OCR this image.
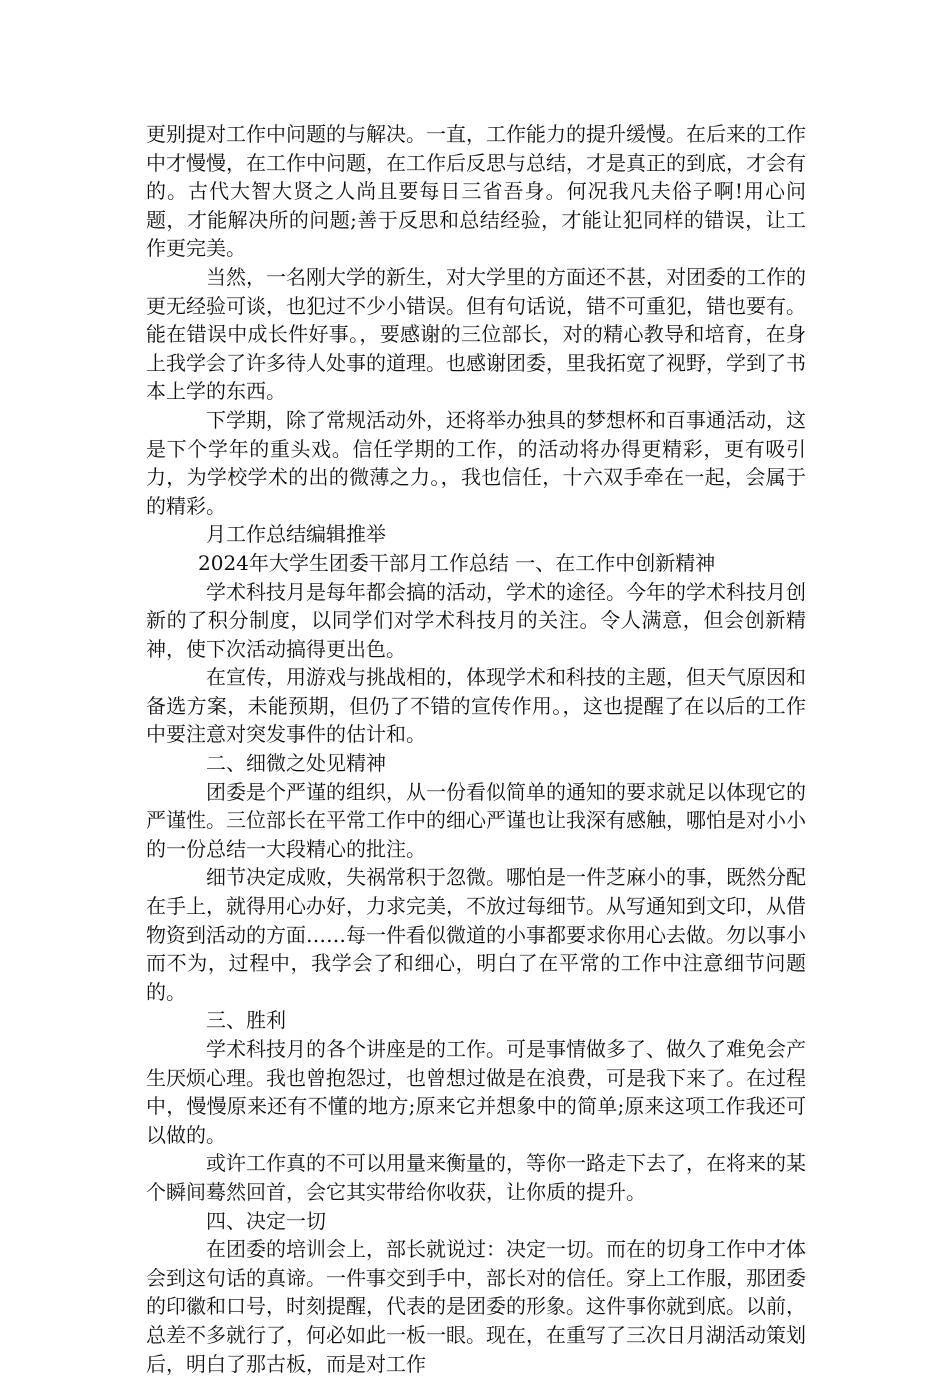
更别提对工作中问题的与解决。一直，工作能力的提升缓慢。在后来的工作中才慢慢，在工作中问题，在工作后反思与总结，才是真正的到底，才会有的。古代大智大贤之人尚且要每日三省吾身。何况我凡夫俗子啊!用心问题，才能解决所的问题;善于反思和总结经验，才能让犯同样的错误，让工作更完美。

当然，一名刚大学的新生，对大学里的方面还不甚，对团委的工作的更无经验可谈，也犯过不少小错误。但有句话说，错不可重犯，错也要有。能在错误中成长件好事。，要感谢的三位部长，对的精心教导和培育，在身上我学会了许多待人处事的道理。也感谢团委，里我拓宽了视野，学到了书本上学的东西。

下学期，除了常规活动外，还将举办独具的梦想杯和百事通活动，这是下个学年的重头戏。信任学期的工作，的活动将办得更精彩，更有吸引力，为学校学术的出的微薄之力。，我也信任，十六双手牵在一起，会属于的精彩。

月工作总结编辑推举

2024年大学生团委干部月工作总结 一、在工作中创新精神

学术科技月是每年都会搞的活动，学术的途径。今年的学术科技月创新的了积分制度，以同学们对学术科技月的关注。令人满意，但会创新精神，使下次活动搞得更出色。

在宣传，用游戏与挑战相的，体现学术和科技的主题，但天气原因和备选方案，未能预期，但仍了不错的宣传作用。，这也提醒了在以后的工作中要注意对突发事件的估计和。

二、细微之处见精神

团委是个严谨的组织，从一份看似简单的通知的要求就足以体现它的严谨性。三位部长在平常工作中的细心严谨也让我深有感触，哪怕是对小小的一份总结一大段精心的批注。

细节决定成败，失祸常积于忽微。哪怕是一件芝麻小的事，既然分配在手上，就得用心办好，力求完美，不放过每细节。从写通知到文印，从借物资到活动的方面……每一件看似微道的小事都要求你用心去做。勿以事小而不为，过程中，我学会了和细心，明白了在平常的工作中注意细节问题的。

三、胜利

学术科技月的各个讲座是的工作。可是事情做多了、做久了难免会产生厌烦心理。我也曾抱怨过，也曾想过做是在浪费，可是我下来了。在过程中，慢慢原来还有不懂的地方;原来它并想象中的简单;原来这项工作我还可以做的。

或许工作真的不可以用量来衡量的，等你一路走下去了，在将来的某个瞬间蓦然回首，会它其实带给你收获，让你质的提升。

四、决定一切

在团委的培训会上，部长就说过：决定一切。而在的切身工作中才体会到这句话的真谛。一件事交到手中，部长对的信任。穿上工作服，那团委的印徽和口号，时刻提醒，代表的是团委的形象。这件事你就到底。以前，总差不多就行了，何必如此一板一眼。现在，在重写了三次日月湖活动策划后，明白了那古板，而是对工作
